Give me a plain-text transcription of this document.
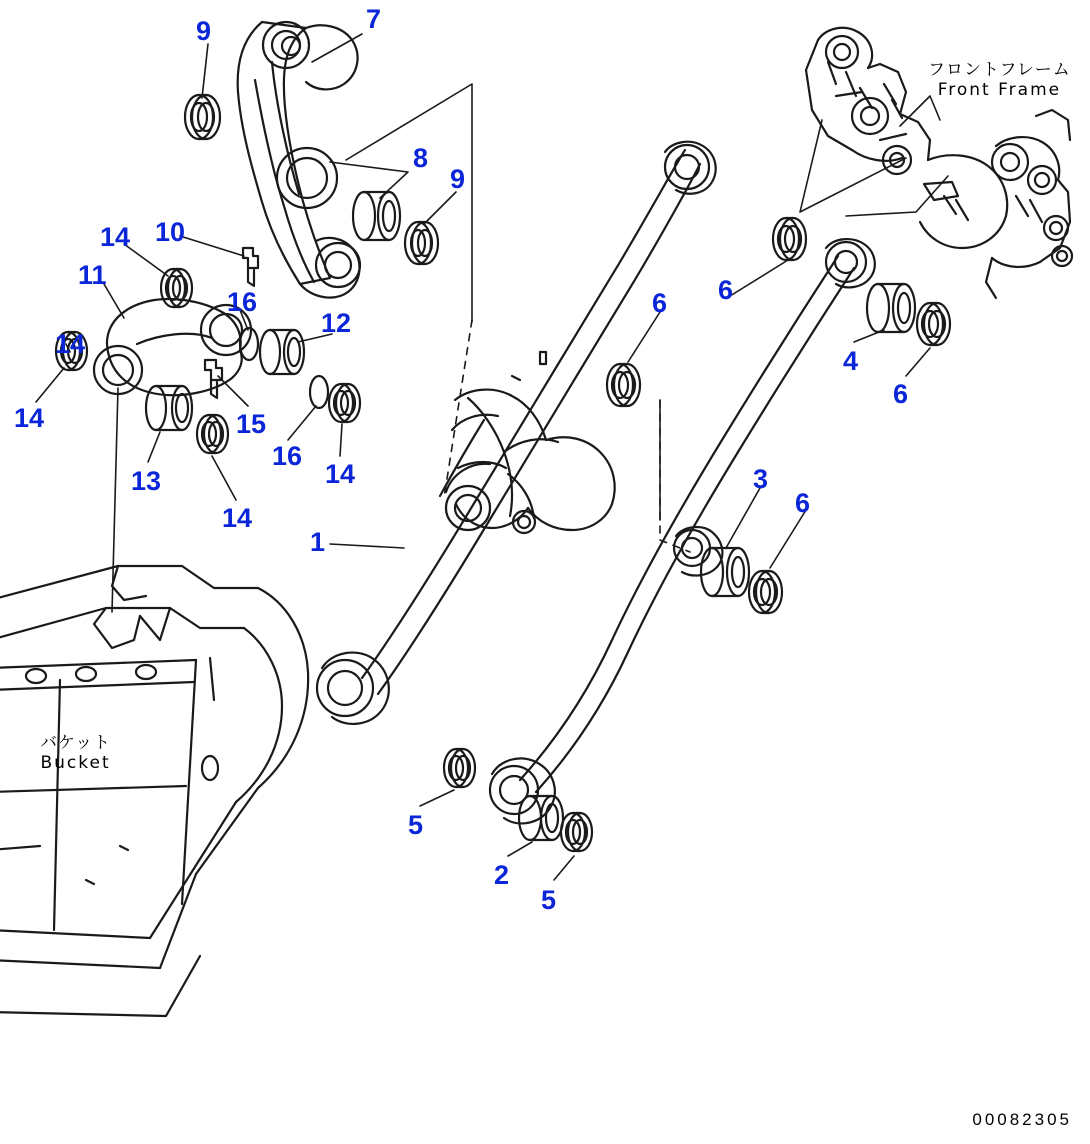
フロントフレーム
Front Frame
バケット
Bucket
9	7
8
9
14 10
11
16
12
14
15
14
16
14
13
14
1
6 6
4
6
3
6
5
2
5
00082305
